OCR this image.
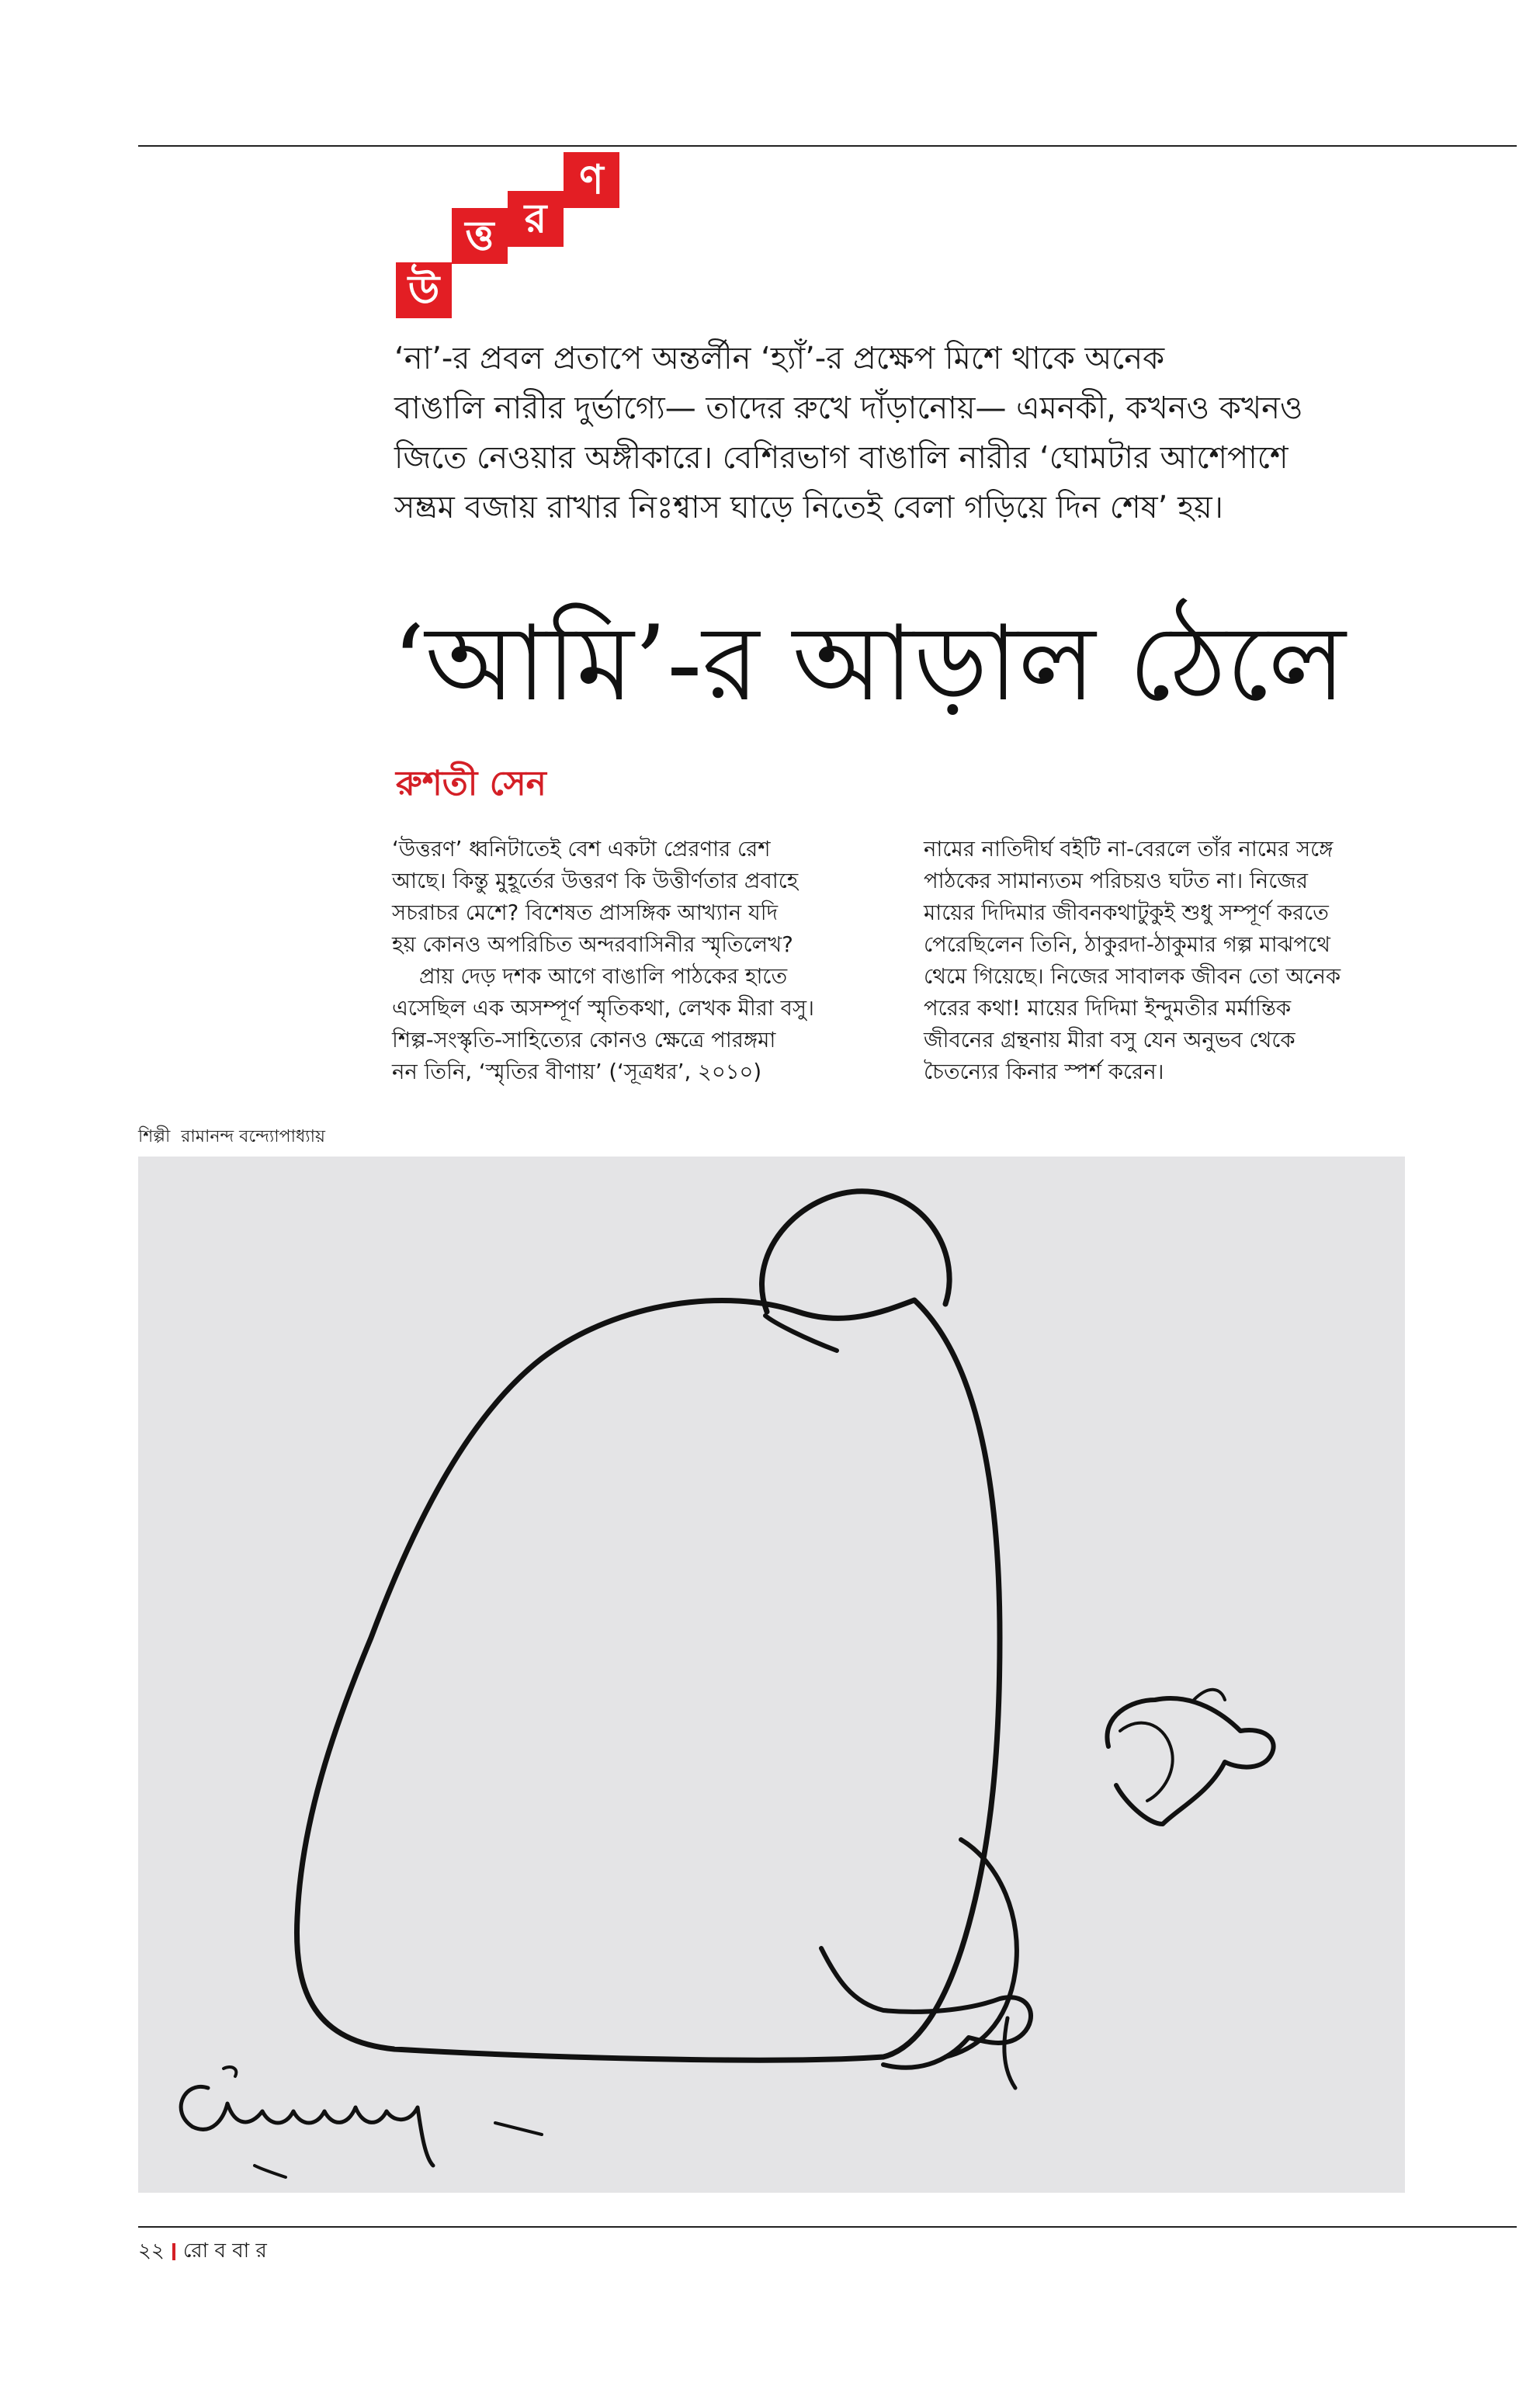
উ
ত্ত র
ণ
‘না’-র প্রবল প্রতাপে অন্তর্লীন ‘হ্যাঁ’-র প্রক্ষেপ মিশে থাকে অনেক
বাঙালি নারীর দুর্ভাগ্যে— তাদের রুখে দাঁড়ানোয়— এমনকী, কখনও কখনও
জিতে নেওয়ার অঙ্গীকারে। বেশিরভাগ বাঙালি নারীর ‘ঘোমটার আশেপাশে
সম্ভ্রম বজায় রাখার নিঃশ্বাস ঘাড়ে নিতেই বেলা গড়িয়ে দিন শেষ’ হয়।
‘আমি’-র আড়াল ঠেলে
রুশতী সেন
‘উত্তরণ’ ধ্বনিটাতেই বেশ একটা প্রেরণার রেশ
আছে। কিন্তু মুহূর্তের উত্তরণ কি উত্তীর্ণতার প্রবাহে
সচরাচর মেশে? বিশেষত প্রাসঙ্গিক আখ্যান যদি
হয় কোনও অপরিচিত অন্দরবাসিনীর স্মৃতিলেখ?
প্রায় দেড় দশক আগে বাঙালি পাঠকের হাতে
এসেছিল এক অসম্পূর্ণ স্মৃতিকথা, লেখক মীরা বসু।
শিল্প-সংস্কৃতি-সাহিত্যের কোনও ক্ষেত্রে পারঙ্গমা
নন তিনি, ‘স্মৃতির বীণায়’ (‘সূত্রধর’, ২০১০)
নামের নাতিদীর্ঘ বইটি না-বেরলে তাঁর নামের সঙ্গে
পাঠকের সামান্যতম পরিচয়ও ঘটত না। নিজের
মায়ের দিদিমার জীবনকথাটুকুই শুধু সম্পূর্ণ করতে
পেরেছিলেন তিনি, ঠাকুরদা-ঠাকুমার গল্প মাঝপথে
থেমে গিয়েছে। নিজের সাবালক জীবন তো অনেক
পরের কথা! মায়ের দিদিমা ইন্দুমতীর মর্মান্তিক
জীবনের গ্রন্থনায় মীরা বসু যেন অনুভব থেকে
চৈতন্যের কিনার স্পর্শ করেন।
শিল্পী  রামানন্দ বন্দ্যোপাধ্যায়
২২ রো ব বা র
